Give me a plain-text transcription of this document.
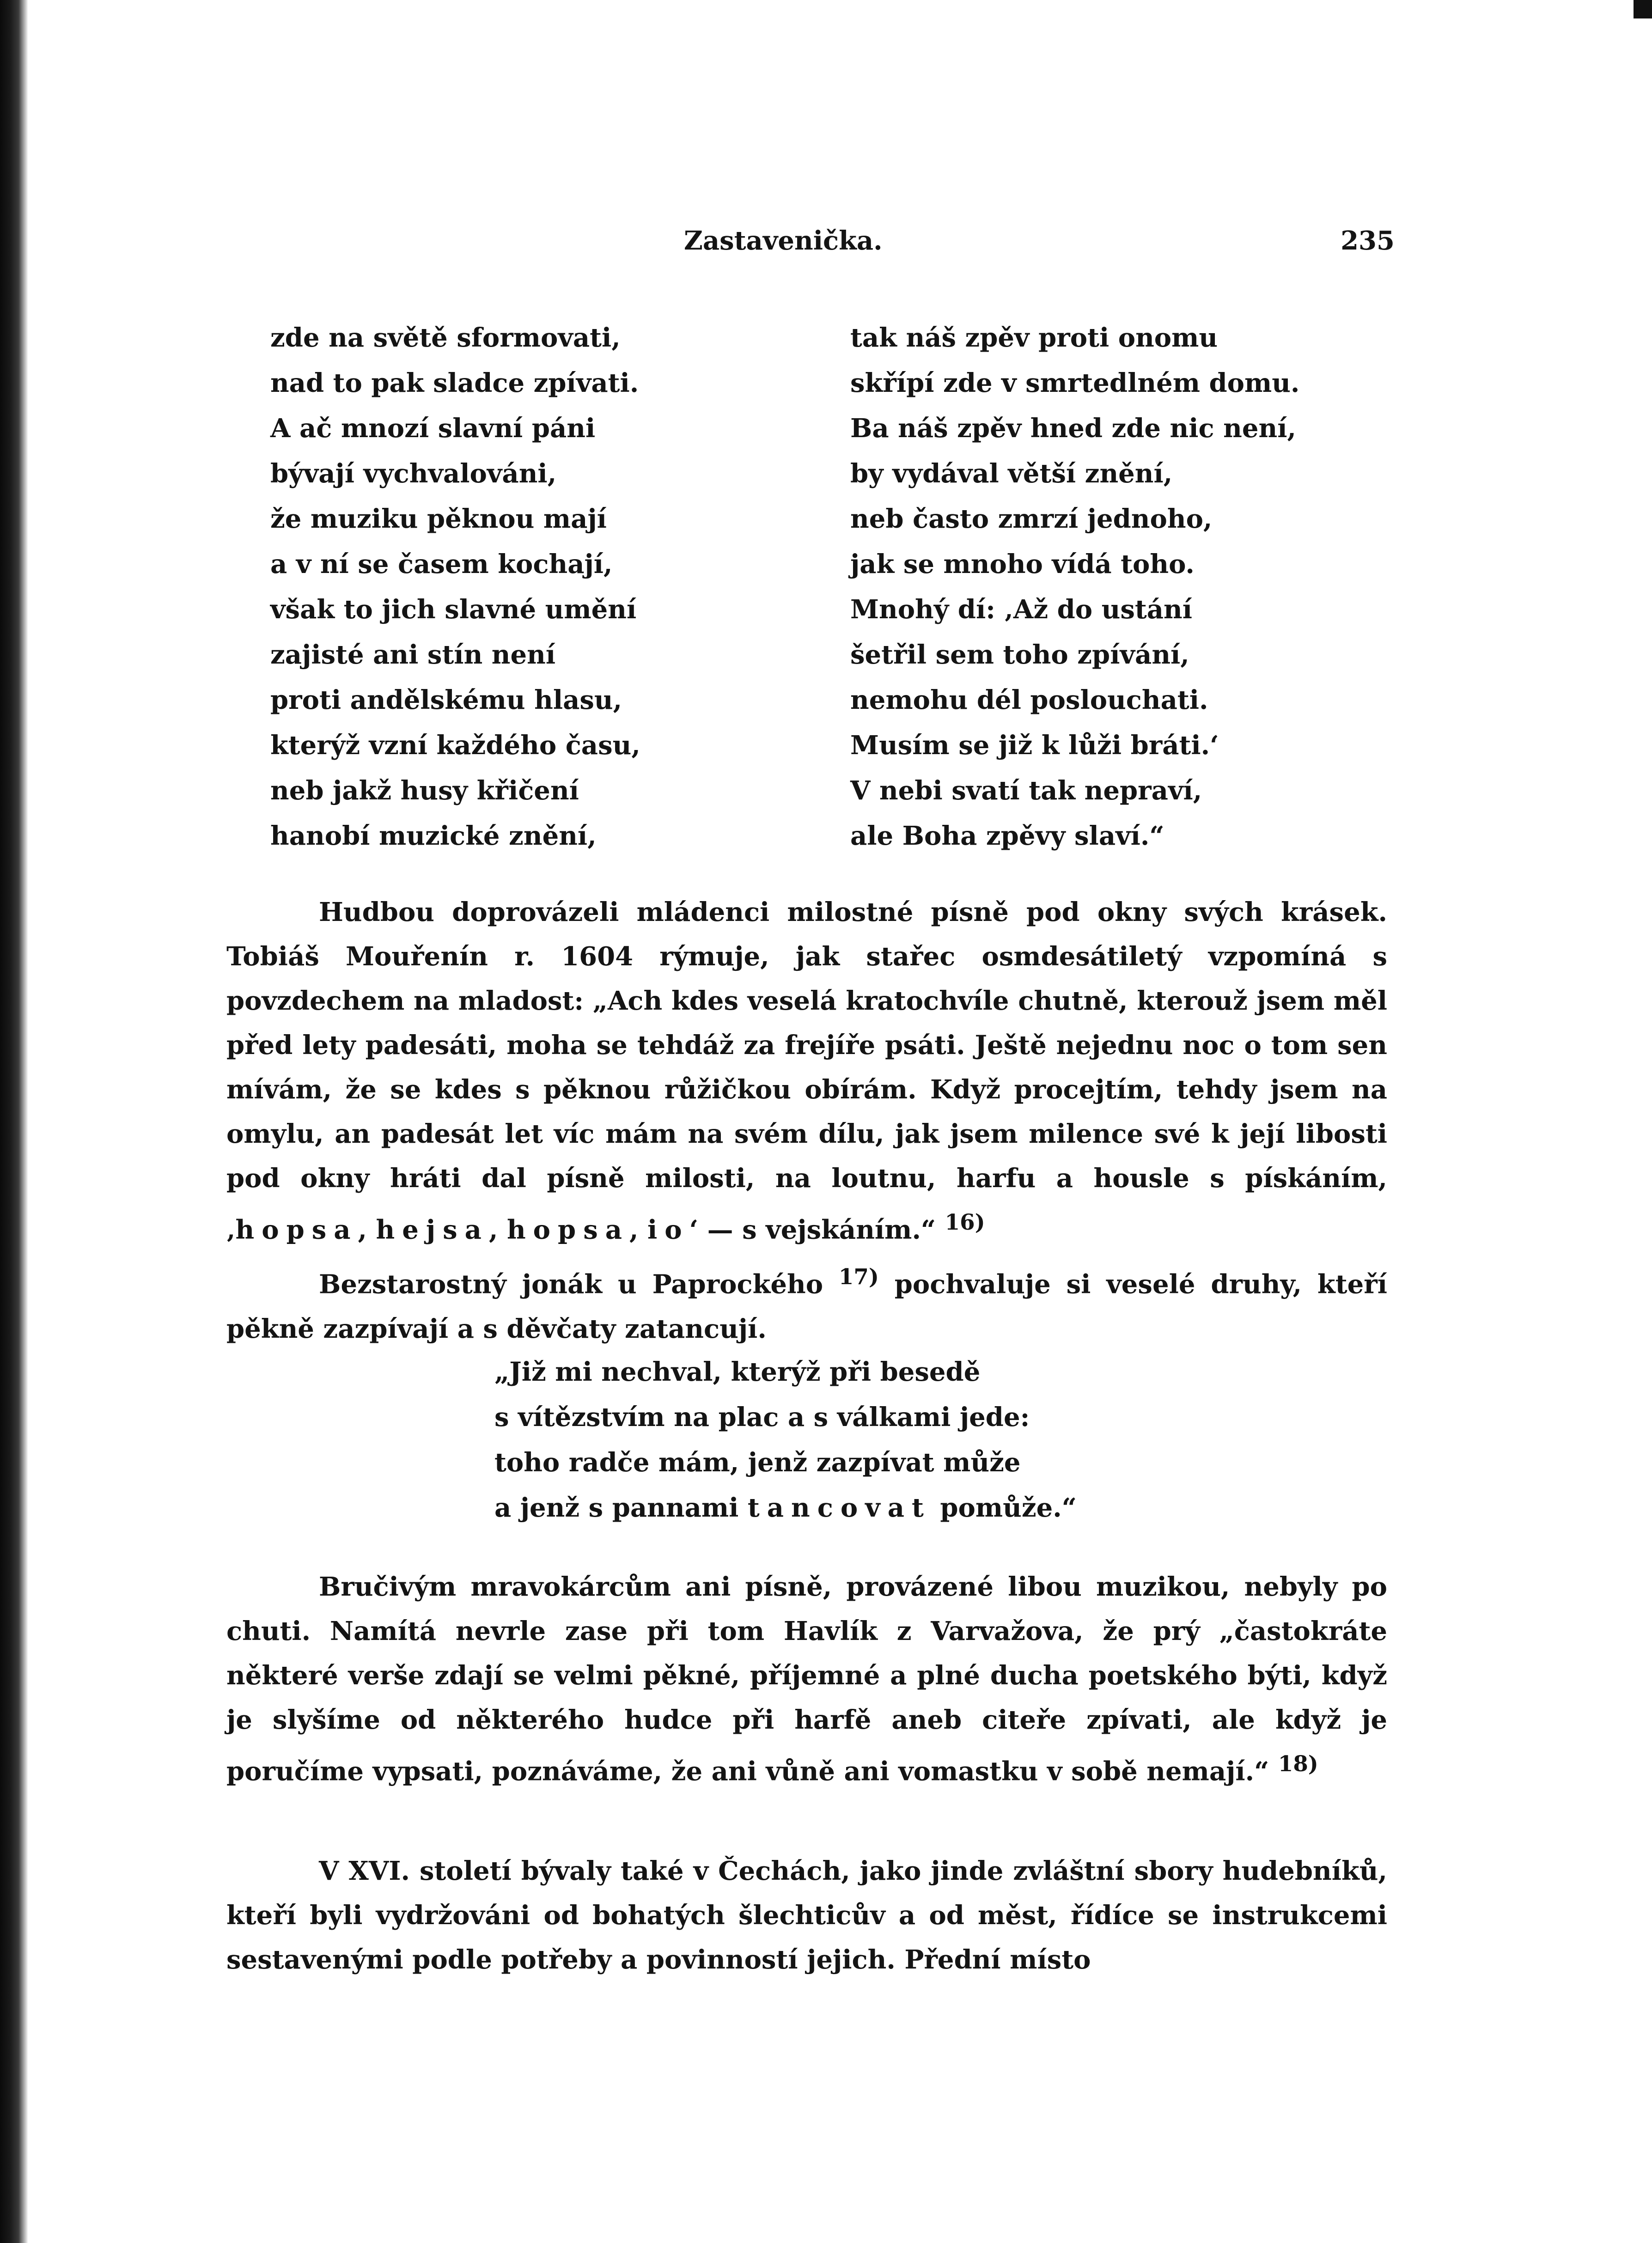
Zastavenička.	235
zde na světě sformovati,
nad to pak sladce zpívati.
A ač mnozí slavní páni
bývají vychvalováni,
že muziku pěknou mají
a v ní se časem kochají,
však to jich slavné umění
zajisté ani stín není
proti andělskému hlasu,
kterýž vzní každého času,
neb jakž husy křičení
hanobí muzické znění,
tak náš zpěv proti onomu
skřípí zde v smrtedlném domu.
Ba náš zpěv hned zde nic není,
by vydával větší znění,
neb často zmrzí jednoho,
jak se mnoho vídá toho.
Mnohý dí: ‚Až do ustání
šetřil sem toho zpívání,
nemohu dél poslouchati.
Musím se již k lůži bráti.‘
V nebi svatí tak nepraví,
ale Boha zpěvy slaví.“

Hudbou doprovázeli mládenci milostné písně pod okny svých krásek. Tobiáš Mouřenín r. 1604 rýmuje, jak stařec osmdesátiletý vzpomíná s povzdechem na mladost: „Ach kdes veselá kratochvíle chutně, kterouž jsem měl před lety padesáti, moha se tehdáž za frejíře psáti. Ještě nejednu noc o tom sen mívám, že se kdes s pěknou růžičkou obírám. Když procejtím, tehdy jsem na omylu, an padesát let víc mám na svém dílu, jak jsem milence své k její libosti pod okny hráti dal písně milosti, na loutnu, harfu a housle s pískáním, ‚hopsa, hejsa, hopsa, io‘ — s vejskáním.“ $^{16)}$

Bezstarostný jonák u Paprockého $^{17)}$ pochvaluje si veselé druhy, kteří pěkně zazpívají a s děvčaty zatancují.

„Již mi nechval, kterýž při besedě
s vítězstvím na plac a s válkami jede:
toho radče mám, jenž zazpívat může
a jenž s pannami tancovat pomůže.“

Bručivým mravokárcům ani písně, provázené libou muzikou, nebyly po chuti. Namítá nevrle zase při tom Havlík z Varvažova, že prý „častokráte některé verše zdají se velmi pěkné, příjemné a plné ducha poetského býti, když je slyšíme od některého hudce při harfě aneb citeře zpívati, ale když je poručíme vypsati, poznáváme, že ani vůně ani vomastku v sobě nemají.“ $^{18)}$

V XVI. století bývaly také v Čechách, jako jinde zvláštní sbory hudebníků, kteří byli vydržováni od bohatých šlechticův a od měst, řídíce se instrukcemi sestavenými podle potřeby a povinností jejich. Přední místo
